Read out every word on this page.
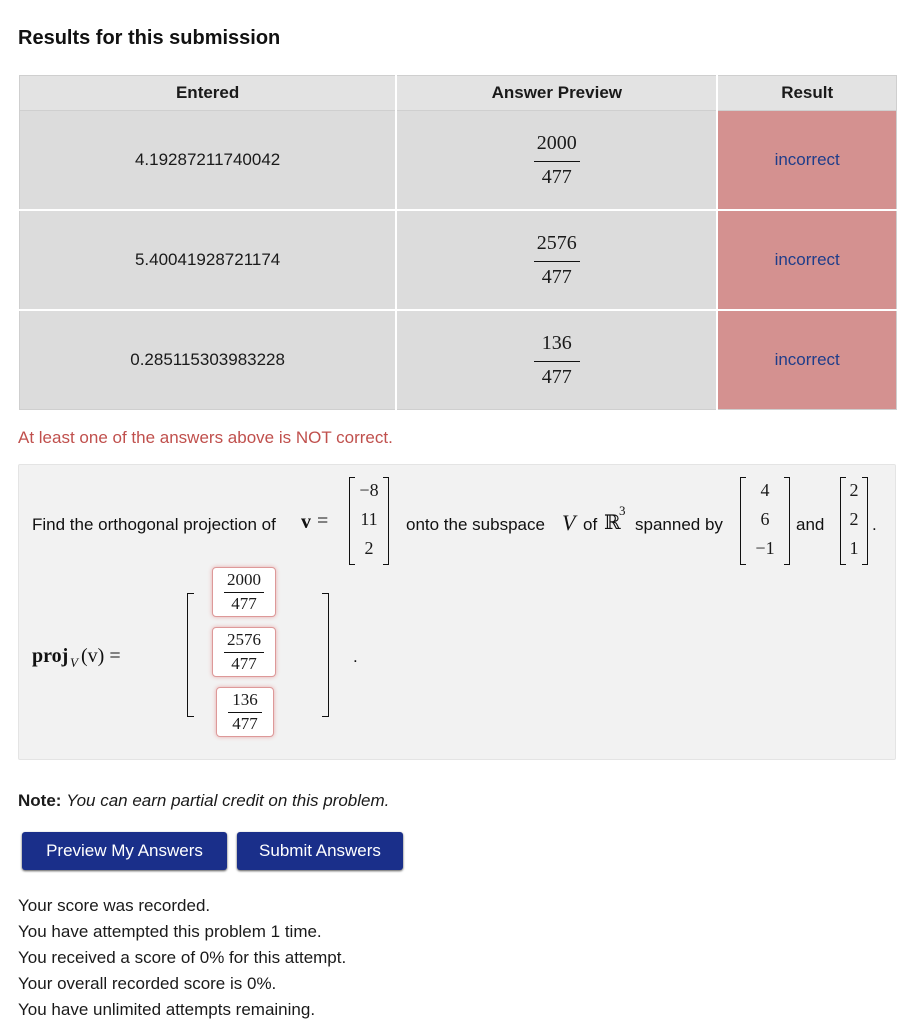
Results for this submission
Entered	Answer Preview	Result
4.19287211740042	$\frac{2000}{477}$	incorrect
5.40041928721174	$\frac{2576}{477}$	incorrect
0.285115303983228	$\frac{136}{477}$	incorrect
At least one of the answers above is NOT correct.
Find the orthogonal projection of v =
−8
11
2
onto the subspace V of ℝ
3
spanned by
4
6
−1
and
2
2
1
.
proj V (v) =
$\frac{2000}{477}$
$\frac{2576}{477}$
$\frac{136}{477}$
.
Note: You can earn partial credit on this problem.
Preview My Answers	Submit Answers
Your score was recorded.
You have attempted this problem 1 time.
You received a score of 0% for this attempt.
Your overall recorded score is 0%.
You have unlimited attempts remaining.
